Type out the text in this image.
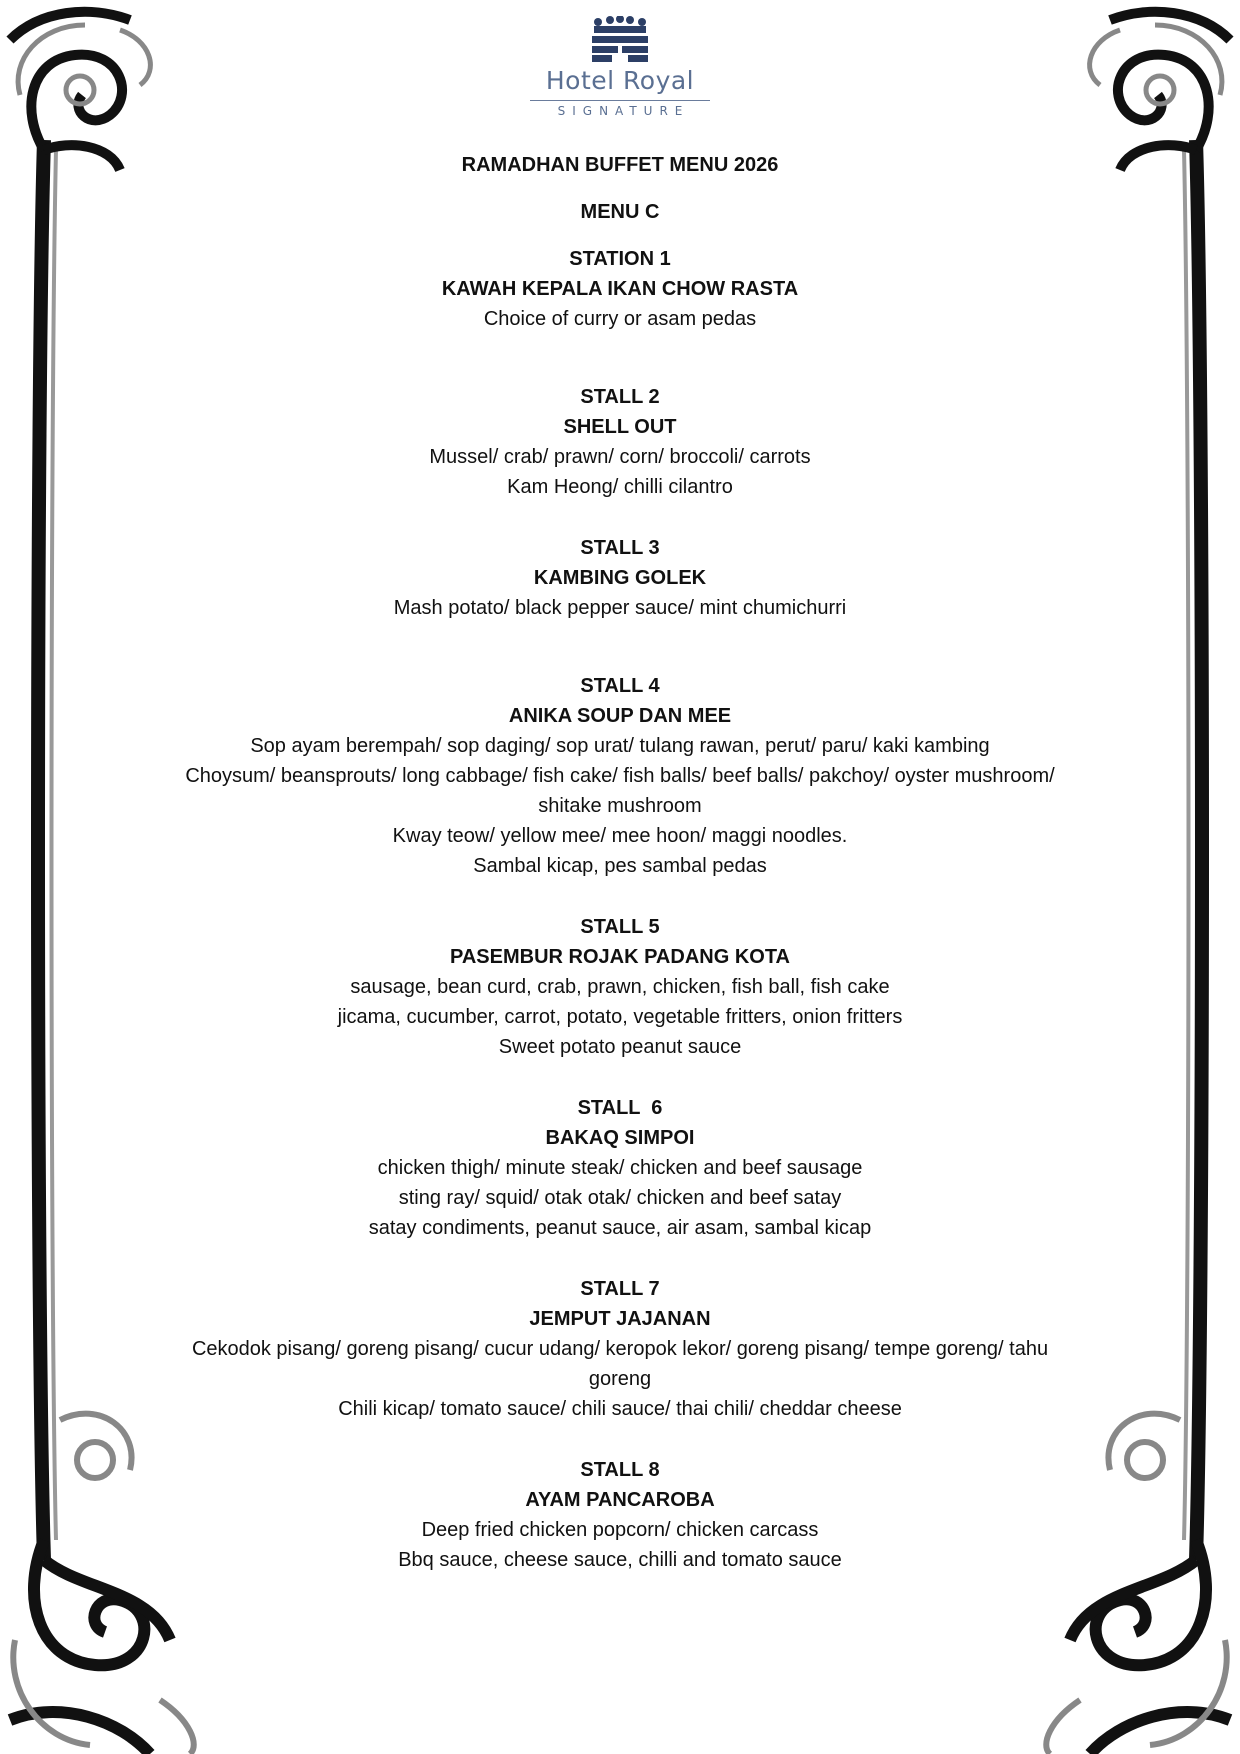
Hotel Royal
SIGNATURE
RAMADHAN BUFFET MENU 2026
MENU C
STATION 1
KAWAH KEPALA IKAN CHOW RASTA
Choice of curry or asam pedas
STALL 2
SHELL OUT
Mussel/ crab/ prawn/ corn/ broccoli/ carrots
Kam Heong/ chilli cilantro
STALL 3
KAMBING GOLEK
Mash potato/ black pepper sauce/ mint chumichurri
STALL 4
ANIKA SOUP DAN MEE
Sop ayam berempah/ sop daging/ sop urat/ tulang rawan, perut/ paru/ kaki kambing
Choysum/ beansprouts/ long cabbage/ fish cake/ fish balls/ beef balls/ pakchoy/ oyster mushroom/
shitake mushroom
Kway teow/ yellow mee/ mee hoon/ maggi noodles.
Sambal kicap, pes sambal pedas
STALL 5
PASEMBUR ROJAK PADANG KOTA
sausage, bean curd, crab, prawn, chicken, fish ball, fish cake
jicama, cucumber, carrot, potato, vegetable fritters, onion fritters
Sweet potato peanut sauce
STALL  6
BAKAQ SIMPOI
chicken thigh/ minute steak/ chicken and beef sausage
sting ray/ squid/ otak otak/ chicken and beef satay
satay condiments, peanut sauce, air asam, sambal kicap
STALL 7
JEMPUT JAJANAN
Cekodok pisang/ goreng pisang/ cucur udang/ keropok lekor/ goreng pisang/ tempe goreng/ tahu
goreng
Chili kicap/ tomato sauce/ chili sauce/ thai chili/ cheddar cheese
STALL 8
AYAM PANCAROBA
Deep fried chicken popcorn/ chicken carcass
Bbq sauce, cheese sauce, chilli and tomato sauce
